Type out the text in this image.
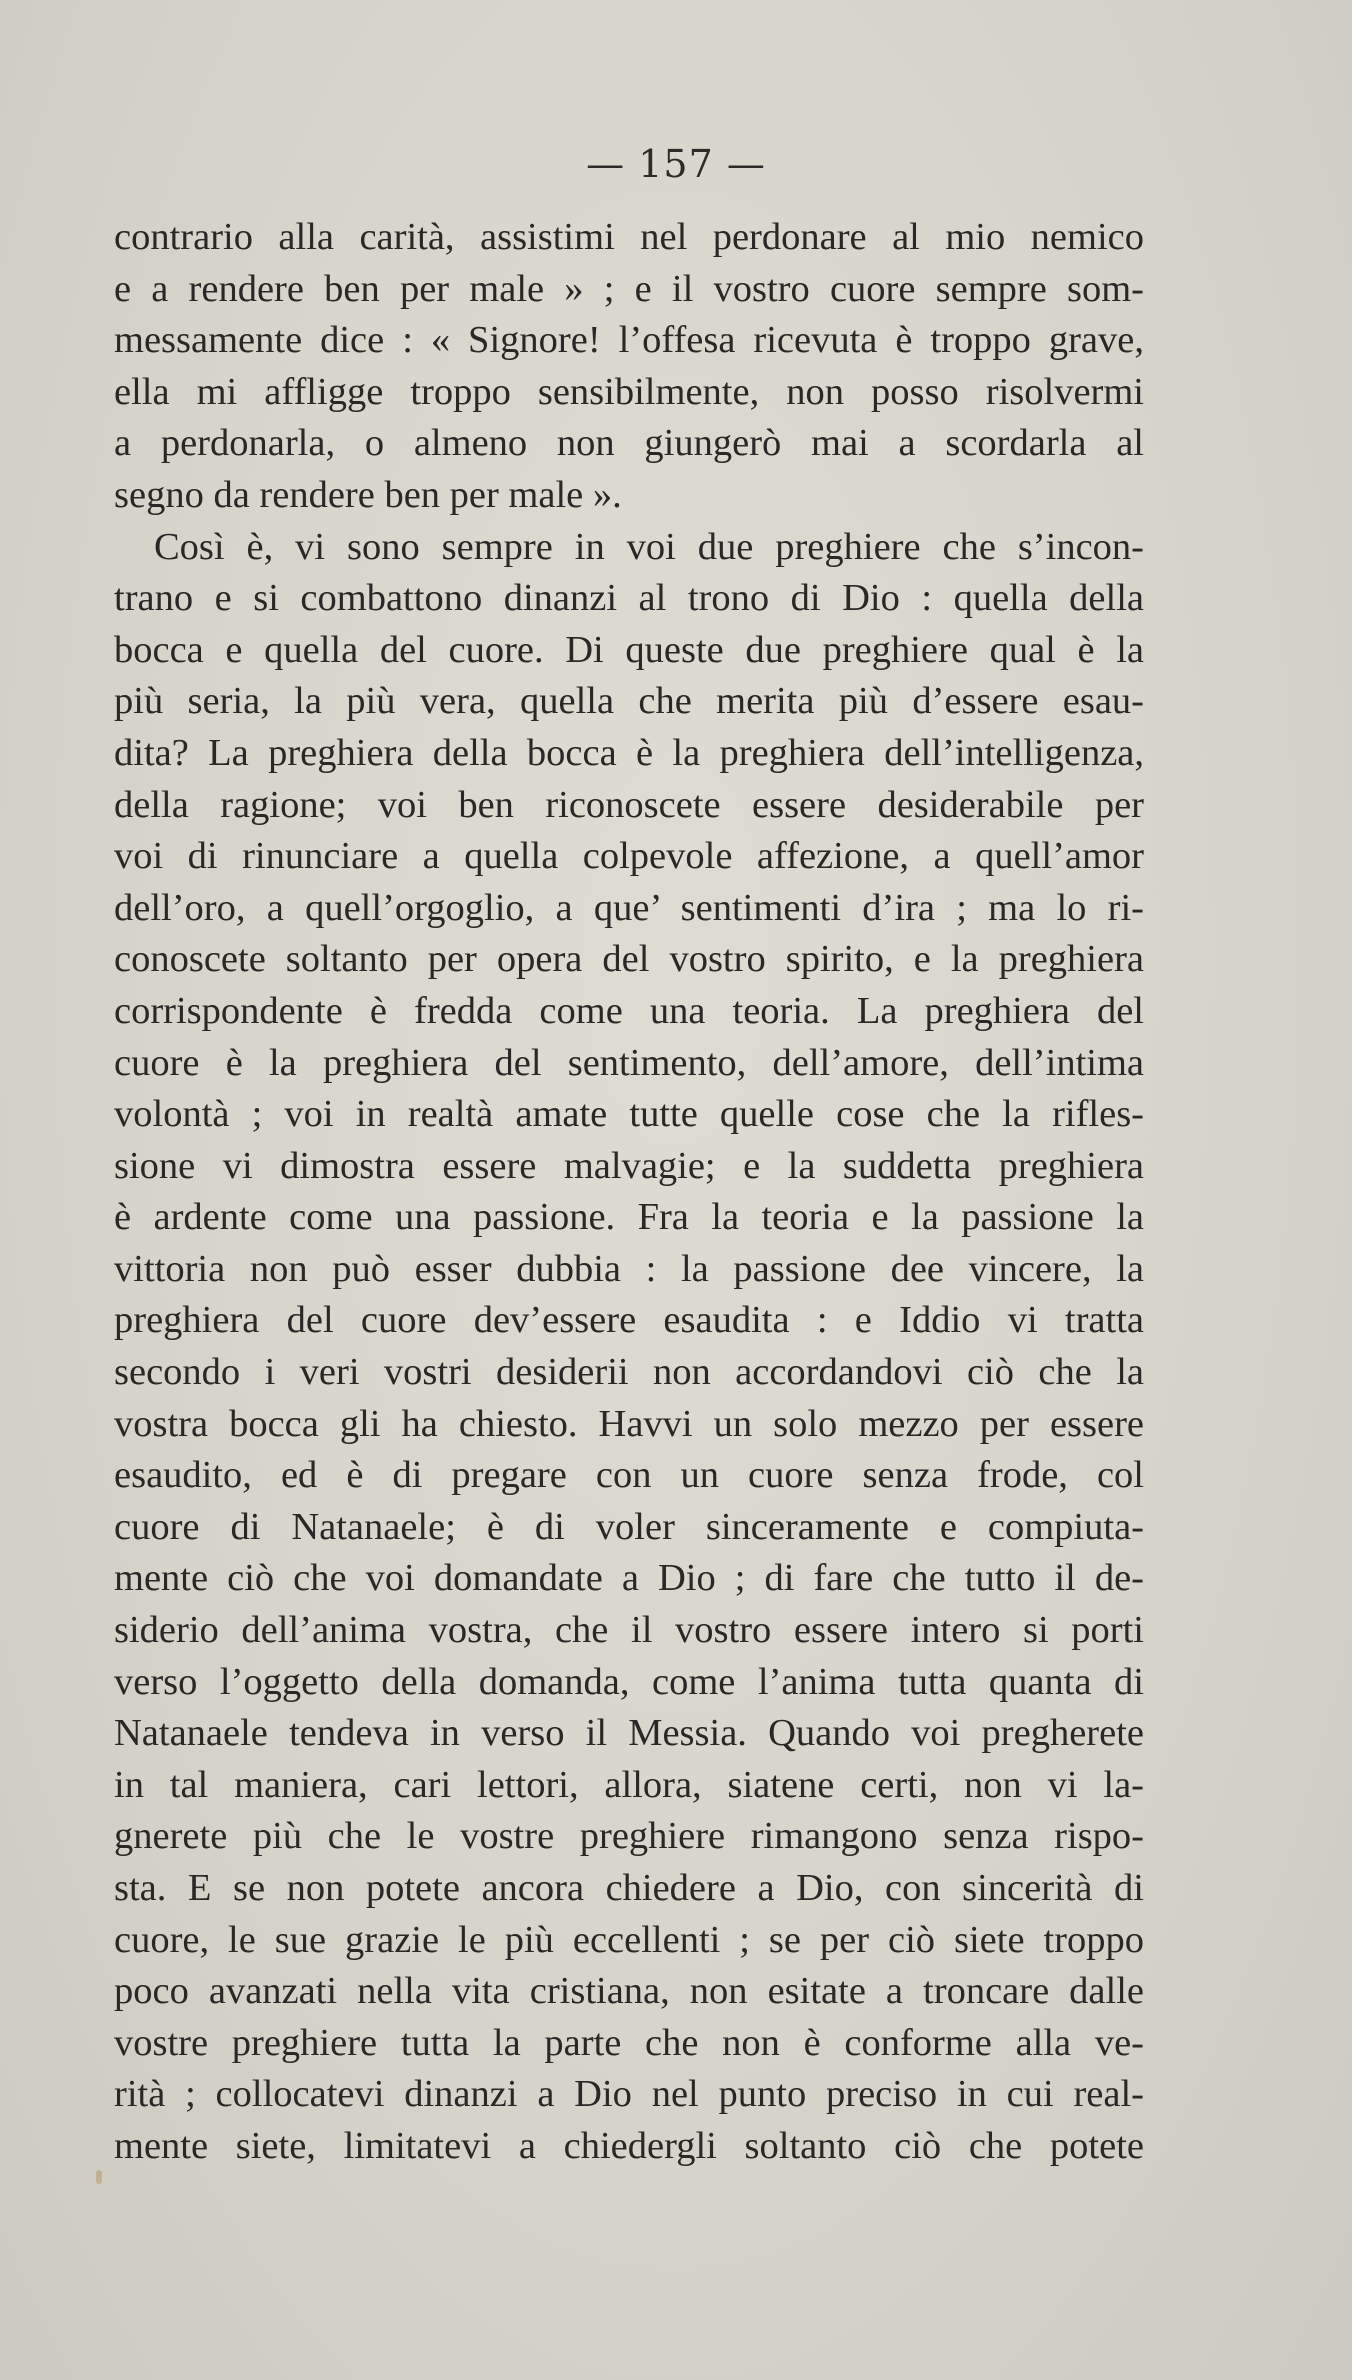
— 157 —
contrario alla carità, assistimi nel perdonare al mio nemico
e a rendere ben per male » ; e il vostro cuore sempre som-
messamente dice : « Signore! l’offesa ricevuta è troppo grave,
ella mi affligge troppo sensibilmente, non posso risolvermi
a perdonarla, o almeno non giungerò mai a scordarla al
segno da rendere ben per male ».
Così è, vi sono sempre in voi due preghiere che s’incon-
trano e si combattono dinanzi al trono di Dio : quella della
bocca e quella del cuore. Di queste due preghiere qual è la
più seria, la più vera, quella che merita più d’essere esau-
dita? La preghiera della bocca è la preghiera dell’intelligenza,
della ragione; voi ben riconoscete essere desiderabile per
voi di rinunciare a quella colpevole affezione, a quell’amor
dell’oro, a quell’orgoglio, a que’ sentimenti d’ira ; ma lo ri-
conoscete soltanto per opera del vostro spirito, e la preghiera
corrispondente è fredda come una teoria. La preghiera del
cuore è la preghiera del sentimento, dell’amore, dell’intima
volontà ; voi in realtà amate tutte quelle cose che la rifles-
sione vi dimostra essere malvagie; e la suddetta preghiera
è ardente come una passione. Fra la teoria e la passione la
vittoria non può esser dubbia : la passione dee vincere, la
preghiera del cuore dev’essere esaudita : e Iddio vi tratta
secondo i veri vostri desiderii non accordandovi ciò che la
vostra bocca gli ha chiesto. Havvi un solo mezzo per essere
esaudito, ed è di pregare con un cuore senza frode, col
cuore di Natanaele; è di voler sinceramente e compiuta-
mente ciò che voi domandate a Dio ; di fare che tutto il de-
siderio dell’anima vostra, che il vostro essere intero si porti
verso l’oggetto della domanda, come l’anima tutta quanta di
Natanaele tendeva in verso il Messia. Quando voi pregherete
in tal maniera, cari lettori, allora, siatene certi, non vi la-
gnerete più che le vostre preghiere rimangono senza rispo-
sta. E se non potete ancora chiedere a Dio, con sincerità di
cuore, le sue grazie le più eccellenti ; se per ciò siete troppo
poco avanzati nella vita cristiana, non esitate a troncare dalle
vostre preghiere tutta la parte che non è conforme alla ve-
rità ; collocatevi dinanzi a Dio nel punto preciso in cui real-
mente siete, limitatevi a chiedergli soltanto ciò che potete
